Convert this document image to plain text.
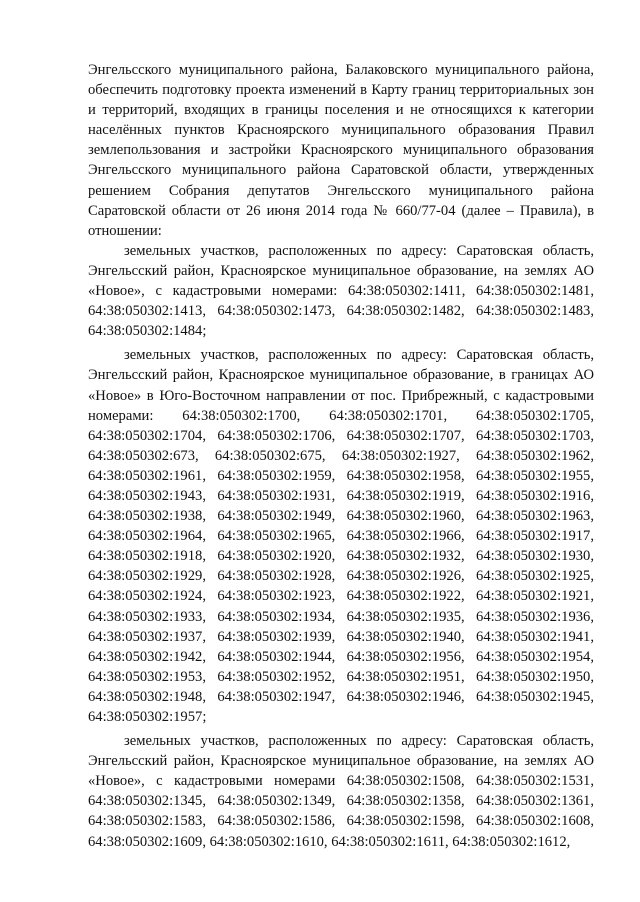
Энгельсского муниципального района, Балаковского муниципального района, обеспечить подготовку проекта изменений в Карту границ территориальных зон и территорий, входящих в границы поселения и не относящихся к категории населённых пунктов Красноярского муниципального образования Правил землепользования и застройки Красноярского муниципального образования Энгельсского муниципального района Саратовской области, утвержденных решением Собрания депутатов Энгельсского муниципального района Саратовской области от 26 июня 2014 года № 660/77-04 (далее – Правила), в отношении:

земельных участков, расположенных по адресу: Саратовская область, Энгельсский район, Красноярское муниципальное образование, на землях АО «Новое», с кадастровыми номерами: 64:38:050302:1411, 64:38:050302:1481, 64:38:050302:1413, 64:38:050302:1473, 64:38:050302:1482, 64:38:050302:1483, 64:38:050302:1484;

земельных участков, расположенных по адресу: Саратовская область, Энгельсский район, Красноярское муниципальное образование, в границах АО «Новое» в Юго-Восточном направлении от пос. Прибрежный, с кадастровыми номерами: 64:38:050302:1700, 64:38:050302:1701, 64:38:050302:1705, 64:38:050302:1704, 64:38:050302:1706, 64:38:050302:1707, 64:38:050302:1703, 64:38:050302:673, 64:38:050302:675, 64:38:050302:1927, 64:38:050302:1962, 64:38:050302:1961, 64:38:050302:1959, 64:38:050302:1958, 64:38:050302:1955, 64:38:050302:1943, 64:38:050302:1931, 64:38:050302:1919, 64:38:050302:1916, 64:38:050302:1938, 64:38:050302:1949, 64:38:050302:1960, 64:38:050302:1963, 64:38:050302:1964, 64:38:050302:1965, 64:38:050302:1966, 64:38:050302:1917, 64:38:050302:1918, 64:38:050302:1920, 64:38:050302:1932, 64:38:050302:1930, 64:38:050302:1929, 64:38:050302:1928, 64:38:050302:1926, 64:38:050302:1925, 64:38:050302:1924, 64:38:050302:1923, 64:38:050302:1922, 64:38:050302:1921, 64:38:050302:1933, 64:38:050302:1934, 64:38:050302:1935, 64:38:050302:1936, 64:38:050302:1937, 64:38:050302:1939, 64:38:050302:1940, 64:38:050302:1941, 64:38:050302:1942, 64:38:050302:1944, 64:38:050302:1956, 64:38:050302:1954, 64:38:050302:1953, 64:38:050302:1952, 64:38:050302:1951, 64:38:050302:1950, 64:38:050302:1948, 64:38:050302:1947, 64:38:050302:1946, 64:38:050302:1945, 64:38:050302:1957;

земельных участков, расположенных по адресу: Саратовская область, Энгельсский район, Красноярское муниципальное образование, на землях АО «Новое», с кадастровыми номерами 64:38:050302:1508, 64:38:050302:1531, 64:38:050302:1345, 64:38:050302:1349, 64:38:050302:1358, 64:38:050302:1361, 64:38:050302:1583, 64:38:050302:1586, 64:38:050302:1598, 64:38:050302:1608, 64:38:050302:1609, 64:38:050302:1610, 64:38:050302:1611, 64:38:050302:1612,
